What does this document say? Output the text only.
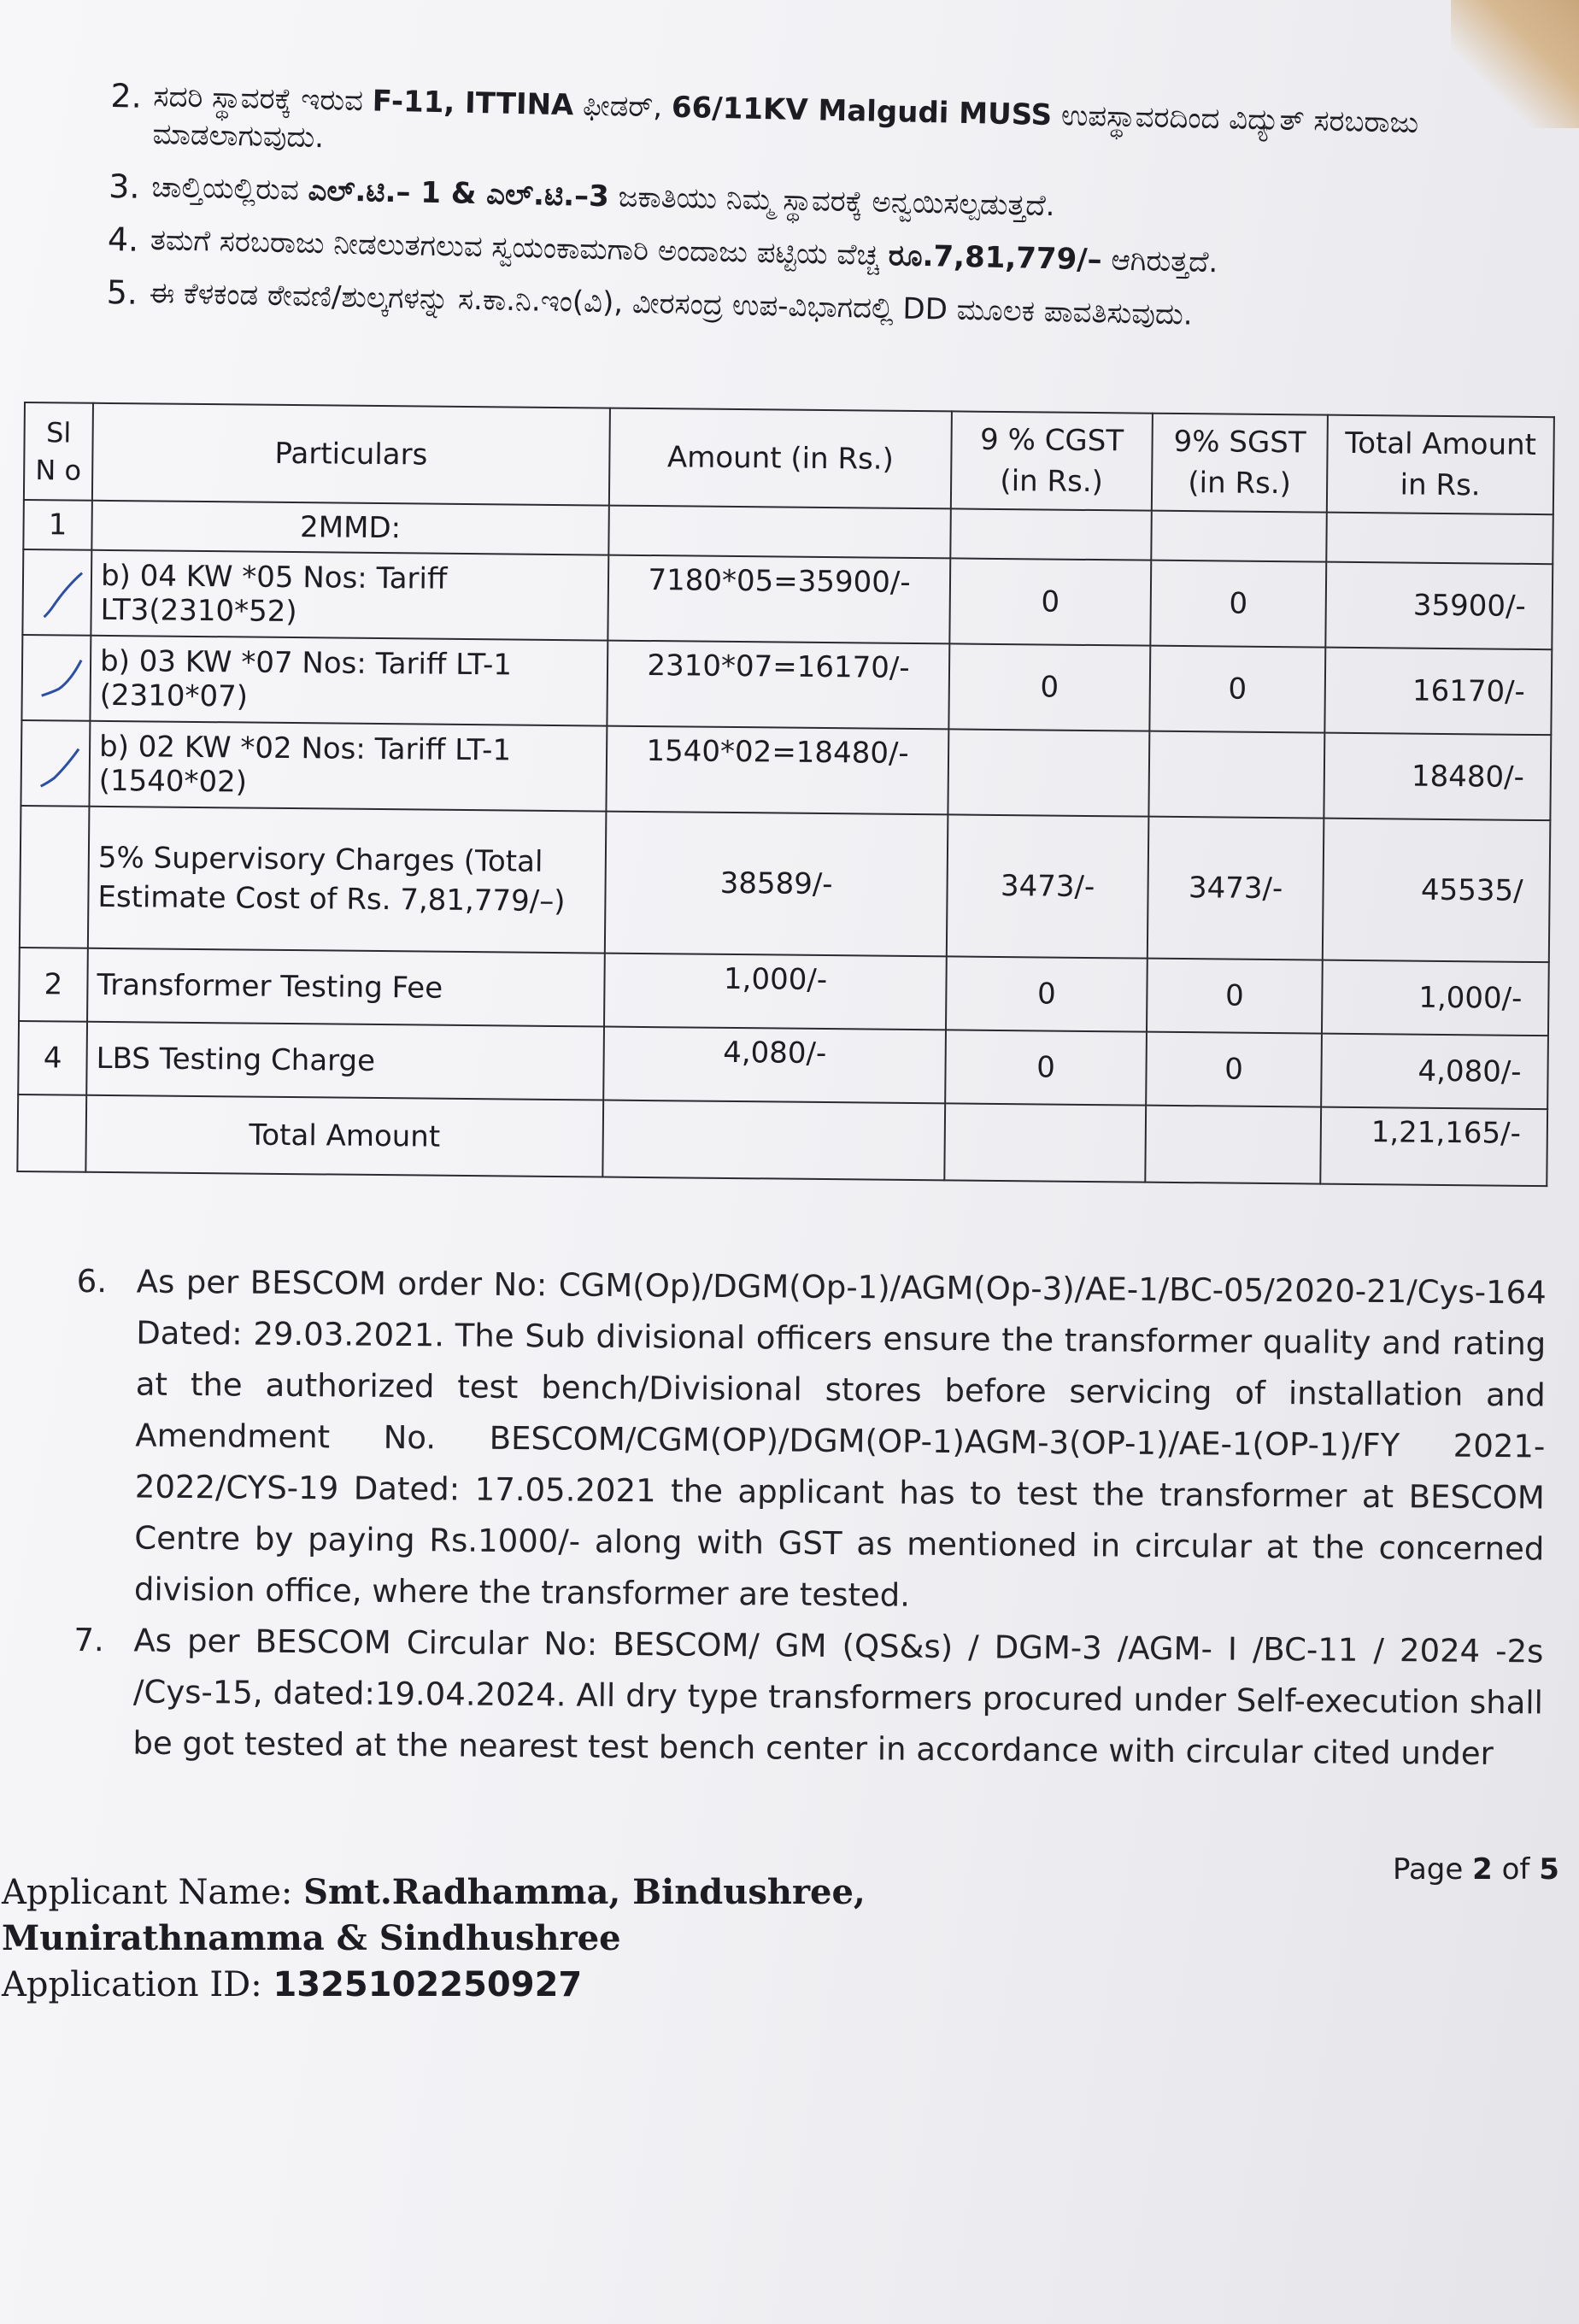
2. ಸದರಿ ಸ್ಥಾವರಕ್ಕೆ ಇರುವ F-11, ITTINA ಫೀಡರ್, 66/11KV Malgudi MUSS ಉಪಸ್ಥಾವರದಿಂದ ವಿದ್ಯುತ್ ಸರಬರಾಜು ಮಾಡಲಾಗುವುದು.
3. ಚಾಲ್ತಿಯಲ್ಲಿರುವ ಎಲ್.ಟಿ.– 1 & ಎಲ್.ಟಿ.–3 ಜಕಾತಿಯು ನಿಮ್ಮ ಸ್ಥಾವರಕ್ಕೆ ಅನ್ವಯಿಸಲ್ಪಡುತ್ತದೆ.
4. ತಮಗೆ ಸರಬರಾಜು ನೀಡಲುತಗಲುವ ಸ್ವಯಂಕಾಮಗಾರಿ ಅಂದಾಜು ಪಟ್ಟಿಯ ವೆಚ್ಚ ರೂ.7,81,779/– ಆಗಿರುತ್ತದೆ.
5. ಈ ಕೆಳಕಂಡ ಠೇವಣಿ/ಶುಲ್ಕಗಳನ್ನು ಸ.ಕಾ.ನಿ.ಇಂ(ವಿ), ವೀರಸಂದ್ರ ಉಪ-ವಿಭಾಗದಲ್ಲಿ DD ಮೂಲಕ ಪಾವತಿಸುವುದು.
Sl N o	Particulars	Amount (in Rs.)	9 % CGST (in Rs.)	9% SGST (in Rs.)	Total Amount in Rs.
1	2MMD:				

	b) 04 KW *05 Nos: Tariff LT3(2310*52)	7180*05=35900/-	0	0	35900/-

	b) 03 KW *07 Nos: Tariff LT-1 (2310*07)	2310*07=16170/-	0	0	16170/-

	b) 02 KW *02 Nos: Tariff LT-1 (1540*02)	1540*02=18480/-			18480/-
	5% Supervisory Charges (Total Estimate Cost of Rs. 7,81,779/–)	38589/-	3473/-	3473/-	45535/
2	Transformer Testing Fee	1,000/-	0	0	1,000/-
4	LBS Testing Charge	4,080/-	0	0	4,080/-
	Total Amount				1,21,165/-
6. As per BESCOM order No: CGM(Op)/DGM(Op-1)/AGM(Op-3)/AE-1/BC-05/2020-21/Cys-164 Dated: 29.03.2021. The Sub divisional officers ensure the transformer quality and rating at the authorized test bench/Divisional stores before servicing of installation and Amendment No. BESCOM/CGM(OP)/DGM(OP-1)AGM-3(OP-1)/AE-1(OP-1)/FY 2021-2022/CYS-19 Dated: 17.05.2021 the applicant has to test the transformer at BESCOM Centre by paying Rs.1000/- along with GST as mentioned in circular at the concerned division office, where the transformer are tested.
7. As per BESCOM Circular No: BESCOM/ GM (QS&s) / DGM-3 /AGM- I /BC-11 / 2024 -2s /Cys-15, dated:19.04.2024. All dry type transformers procured under Self-execution shall be got tested at the nearest test bench center in accordance with circular cited under
Page 2 of 5
Applicant Name: Smt.Radhamma, Bindushree,
Munirathnamma & Sindhushree
Application ID: 1325102250927
